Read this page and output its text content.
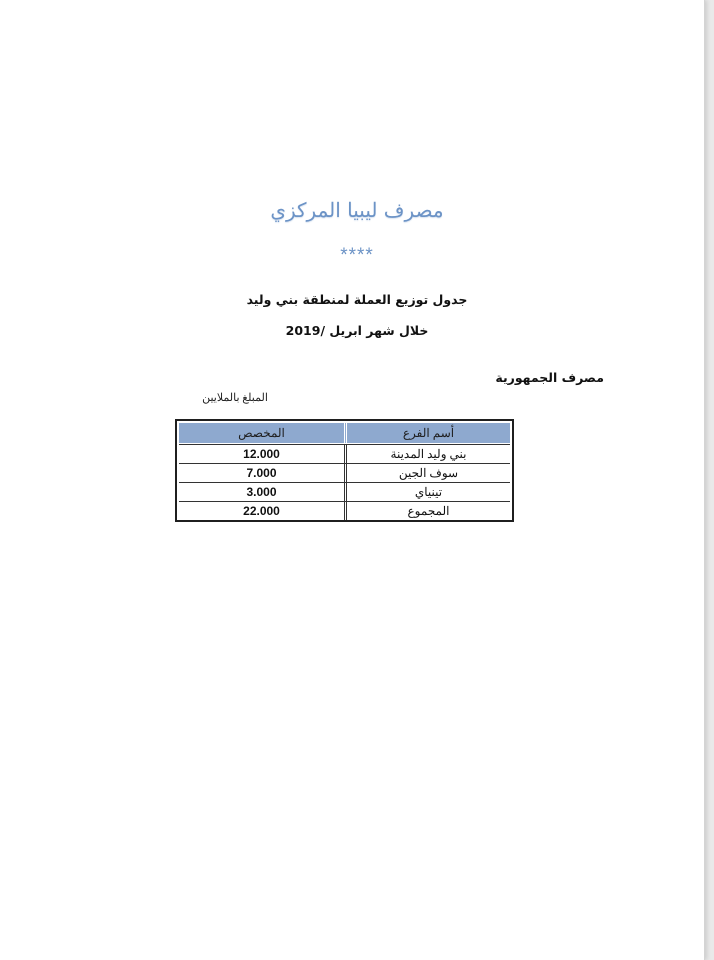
مصرف ليبيا المركزي
****
جدول توزيع العملة لمنطقة بني وليد
خلال شهر ابريل /2019
مصرف الجمهورية
المبلغ بالملايين
أسم الفرع
المخصص
بني وليد المدينة
12.000
سوف الجين
7.000
تينياي
3.000
المجموع
22.000
